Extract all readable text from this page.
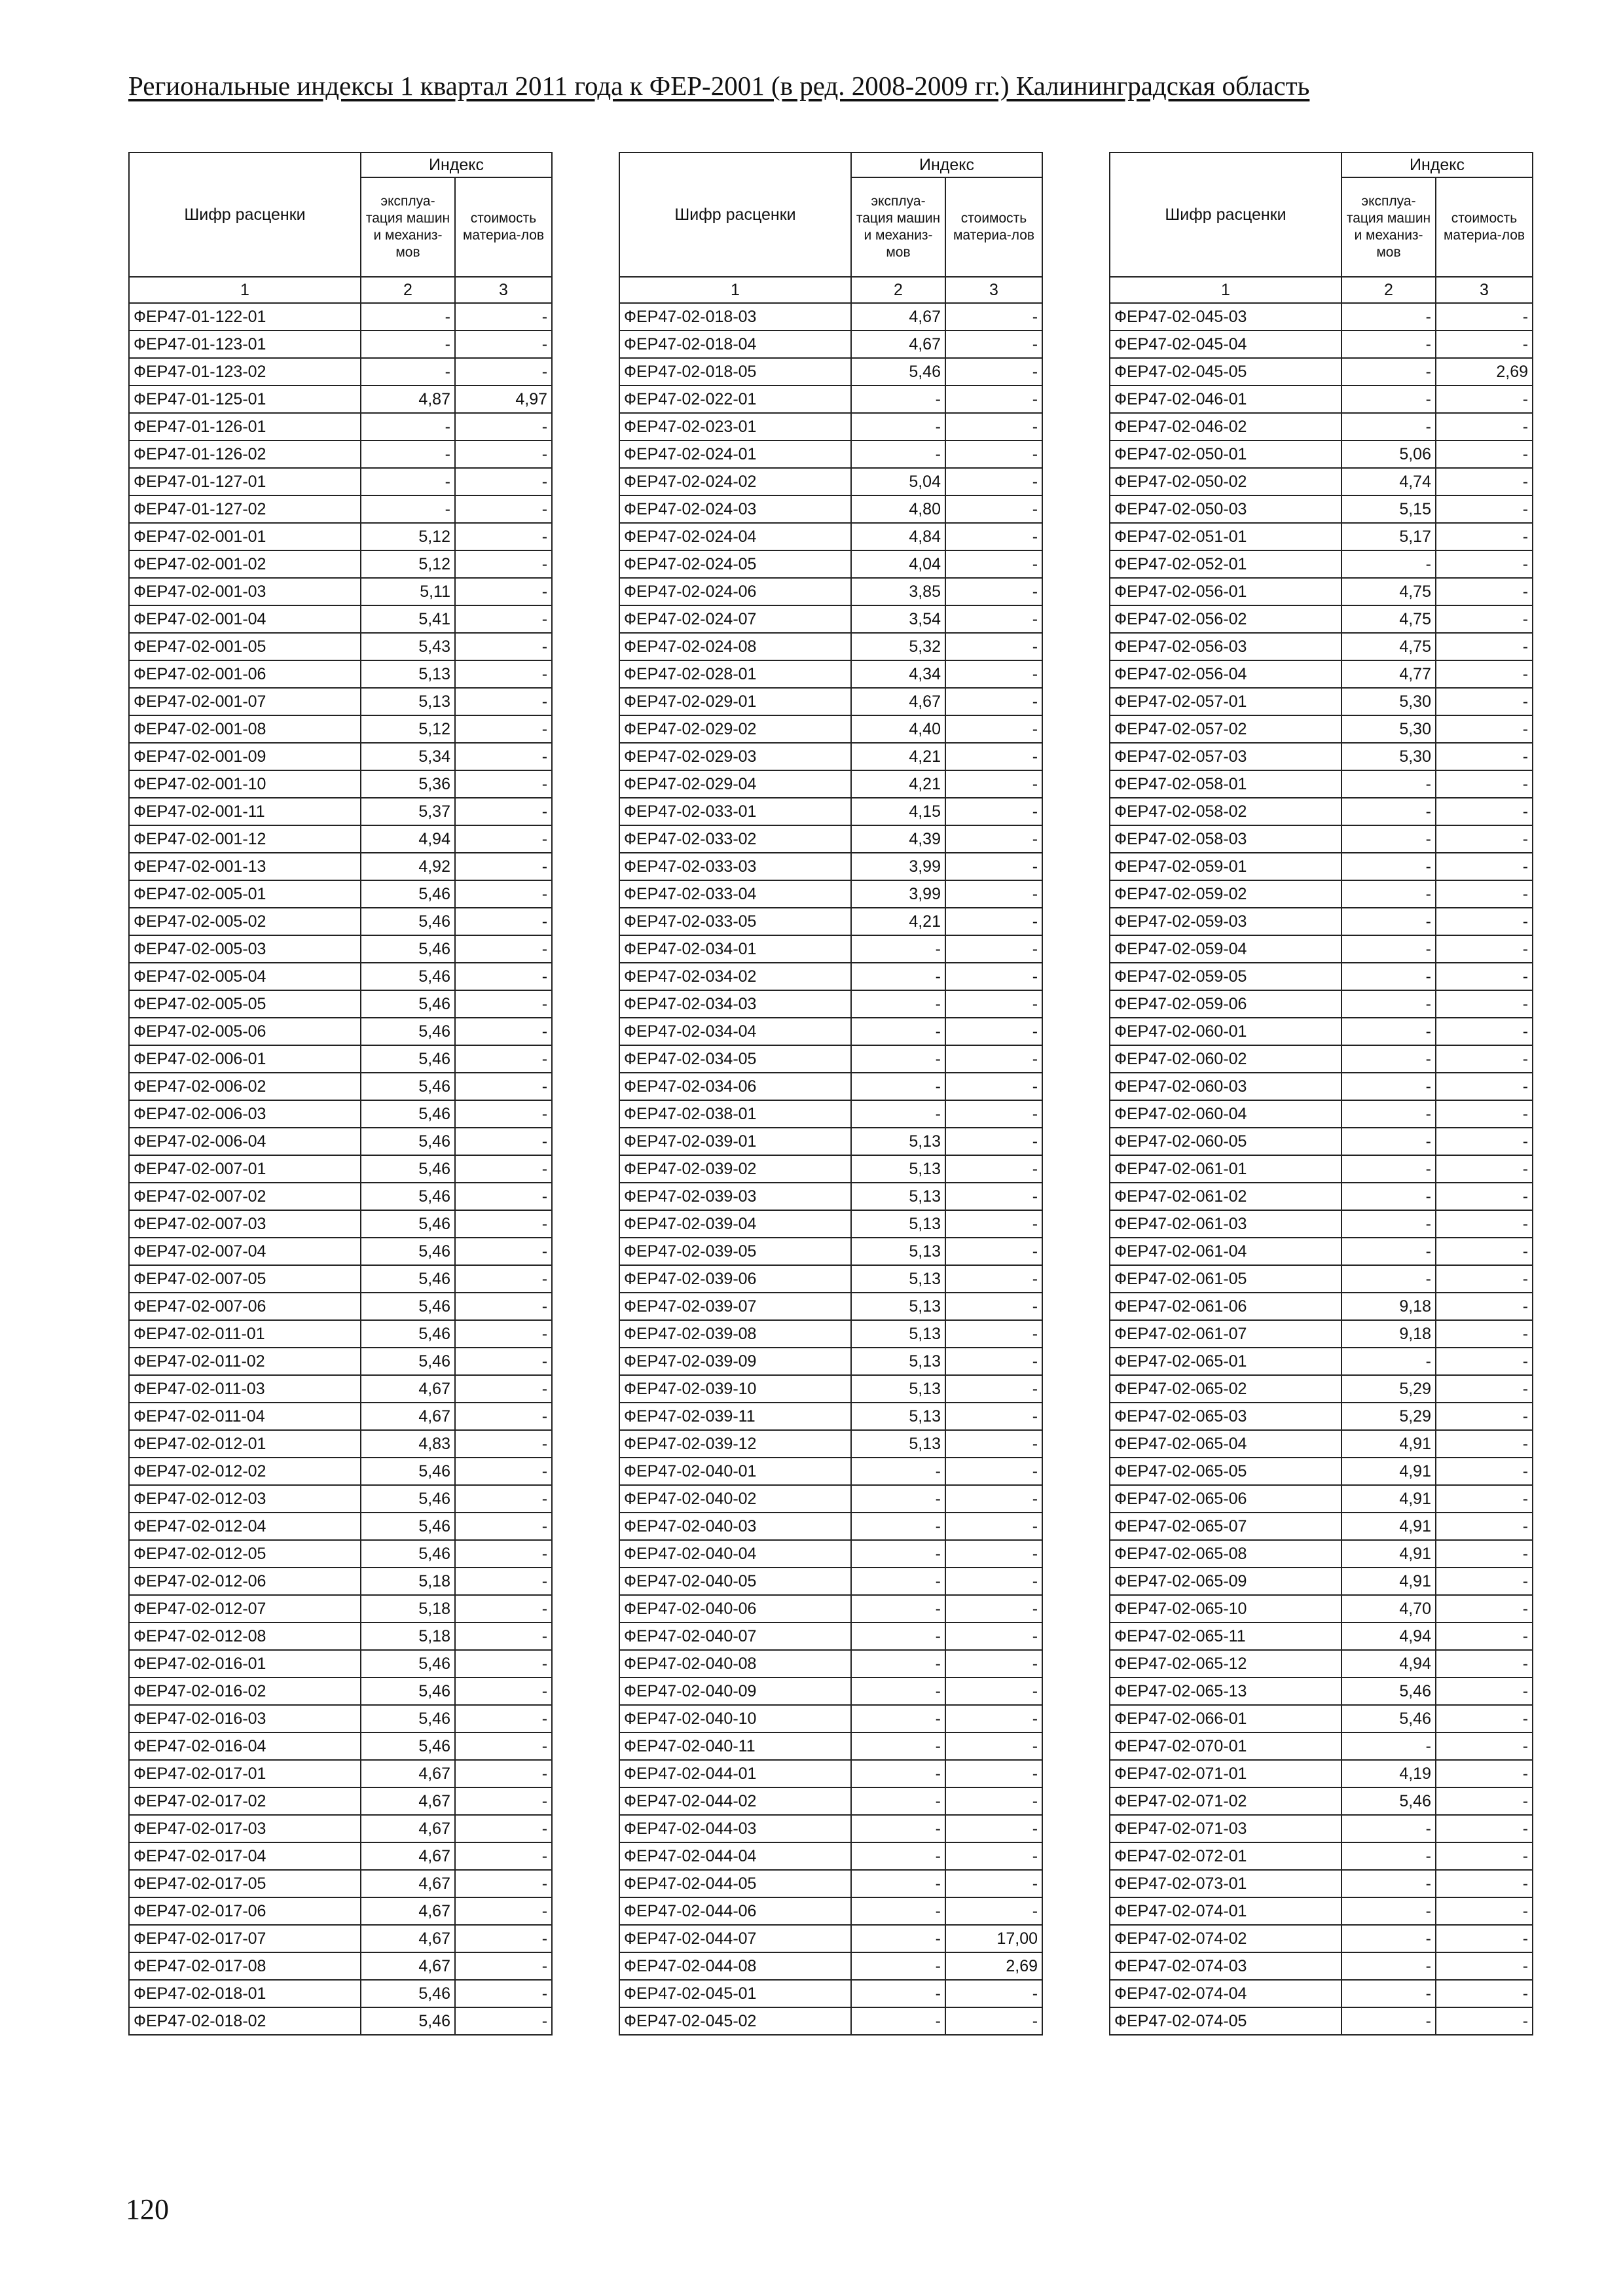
Региональные индексы 1 квартал 2011 года к ФЕР-2001 (в ред. 2008-2009 гг.) Калининградская область
Шифр расценки	Индекс	
	эксплуа-тация машин и механиз-мов	стоимость материа-лов
1	2	3
ФЕР47-01-122-01	-	-
ФЕР47-01-123-01	-	-
ФЕР47-01-123-02	-	-
ФЕР47-01-125-01	4,87	4,97
ФЕР47-01-126-01	-	-
ФЕР47-01-126-02	-	-
ФЕР47-01-127-01	-	-
ФЕР47-01-127-02	-	-
ФЕР47-02-001-01	5,12	-
ФЕР47-02-001-02	5,12	-
ФЕР47-02-001-03	5,11	-
ФЕР47-02-001-04	5,41	-
ФЕР47-02-001-05	5,43	-
ФЕР47-02-001-06	5,13	-
ФЕР47-02-001-07	5,13	-
ФЕР47-02-001-08	5,12	-
ФЕР47-02-001-09	5,34	-
ФЕР47-02-001-10	5,36	-
ФЕР47-02-001-11	5,37	-
ФЕР47-02-001-12	4,94	-
ФЕР47-02-001-13	4,92	-
ФЕР47-02-005-01	5,46	-
ФЕР47-02-005-02	5,46	-
ФЕР47-02-005-03	5,46	-
ФЕР47-02-005-04	5,46	-
ФЕР47-02-005-05	5,46	-
ФЕР47-02-005-06	5,46	-
ФЕР47-02-006-01	5,46	-
ФЕР47-02-006-02	5,46	-
ФЕР47-02-006-03	5,46	-
ФЕР47-02-006-04	5,46	-
ФЕР47-02-007-01	5,46	-
ФЕР47-02-007-02	5,46	-
ФЕР47-02-007-03	5,46	-
ФЕР47-02-007-04	5,46	-
ФЕР47-02-007-05	5,46	-
ФЕР47-02-007-06	5,46	-
ФЕР47-02-011-01	5,46	-
ФЕР47-02-011-02	5,46	-
ФЕР47-02-011-03	4,67	-
ФЕР47-02-011-04	4,67	-
ФЕР47-02-012-01	4,83	-
ФЕР47-02-012-02	5,46	-
ФЕР47-02-012-03	5,46	-
ФЕР47-02-012-04	5,46	-
ФЕР47-02-012-05	5,46	-
ФЕР47-02-012-06	5,18	-
ФЕР47-02-012-07	5,18	-
ФЕР47-02-012-08	5,18	-
ФЕР47-02-016-01	5,46	-
ФЕР47-02-016-02	5,46	-
ФЕР47-02-016-03	5,46	-
ФЕР47-02-016-04	5,46	-
ФЕР47-02-017-01	4,67	-
ФЕР47-02-017-02	4,67	-
ФЕР47-02-017-03	4,67	-
ФЕР47-02-017-04	4,67	-
ФЕР47-02-017-05	4,67	-
ФЕР47-02-017-06	4,67	-
ФЕР47-02-017-07	4,67	-
ФЕР47-02-017-08	4,67	-
ФЕР47-02-018-01	5,46	-
ФЕР47-02-018-02	5,46	-
Шифр расценки	Индекс	
	эксплуа-тация машин и механиз-мов	стоимость материа-лов
1	2	3
ФЕР47-02-018-03	4,67	-
ФЕР47-02-018-04	4,67	-
ФЕР47-02-018-05	5,46	-
ФЕР47-02-022-01	-	-
ФЕР47-02-023-01	-	-
ФЕР47-02-024-01	-	-
ФЕР47-02-024-02	5,04	-
ФЕР47-02-024-03	4,80	-
ФЕР47-02-024-04	4,84	-
ФЕР47-02-024-05	4,04	-
ФЕР47-02-024-06	3,85	-
ФЕР47-02-024-07	3,54	-
ФЕР47-02-024-08	5,32	-
ФЕР47-02-028-01	4,34	-
ФЕР47-02-029-01	4,67	-
ФЕР47-02-029-02	4,40	-
ФЕР47-02-029-03	4,21	-
ФЕР47-02-029-04	4,21	-
ФЕР47-02-033-01	4,15	-
ФЕР47-02-033-02	4,39	-
ФЕР47-02-033-03	3,99	-
ФЕР47-02-033-04	3,99	-
ФЕР47-02-033-05	4,21	-
ФЕР47-02-034-01	-	-
ФЕР47-02-034-02	-	-
ФЕР47-02-034-03	-	-
ФЕР47-02-034-04	-	-
ФЕР47-02-034-05	-	-
ФЕР47-02-034-06	-	-
ФЕР47-02-038-01	-	-
ФЕР47-02-039-01	5,13	-
ФЕР47-02-039-02	5,13	-
ФЕР47-02-039-03	5,13	-
ФЕР47-02-039-04	5,13	-
ФЕР47-02-039-05	5,13	-
ФЕР47-02-039-06	5,13	-
ФЕР47-02-039-07	5,13	-
ФЕР47-02-039-08	5,13	-
ФЕР47-02-039-09	5,13	-
ФЕР47-02-039-10	5,13	-
ФЕР47-02-039-11	5,13	-
ФЕР47-02-039-12	5,13	-
ФЕР47-02-040-01	-	-
ФЕР47-02-040-02	-	-
ФЕР47-02-040-03	-	-
ФЕР47-02-040-04	-	-
ФЕР47-02-040-05	-	-
ФЕР47-02-040-06	-	-
ФЕР47-02-040-07	-	-
ФЕР47-02-040-08	-	-
ФЕР47-02-040-09	-	-
ФЕР47-02-040-10	-	-
ФЕР47-02-040-11	-	-
ФЕР47-02-044-01	-	-
ФЕР47-02-044-02	-	-
ФЕР47-02-044-03	-	-
ФЕР47-02-044-04	-	-
ФЕР47-02-044-05	-	-
ФЕР47-02-044-06	-	-
ФЕР47-02-044-07	-	17,00
ФЕР47-02-044-08	-	2,69
ФЕР47-02-045-01	-	-
ФЕР47-02-045-02	-	-
Шифр расценки	Индекс	
	эксплуа-тация машин и механиз-мов	стоимость материа-лов
1	2	3
ФЕР47-02-045-03	-	-
ФЕР47-02-045-04	-	-
ФЕР47-02-045-05	-	2,69
ФЕР47-02-046-01	-	-
ФЕР47-02-046-02	-	-
ФЕР47-02-050-01	5,06	-
ФЕР47-02-050-02	4,74	-
ФЕР47-02-050-03	5,15	-
ФЕР47-02-051-01	5,17	-
ФЕР47-02-052-01	-	-
ФЕР47-02-056-01	4,75	-
ФЕР47-02-056-02	4,75	-
ФЕР47-02-056-03	4,75	-
ФЕР47-02-056-04	4,77	-
ФЕР47-02-057-01	5,30	-
ФЕР47-02-057-02	5,30	-
ФЕР47-02-057-03	5,30	-
ФЕР47-02-058-01	-	-
ФЕР47-02-058-02	-	-
ФЕР47-02-058-03	-	-
ФЕР47-02-059-01	-	-
ФЕР47-02-059-02	-	-
ФЕР47-02-059-03	-	-
ФЕР47-02-059-04	-	-
ФЕР47-02-059-05	-	-
ФЕР47-02-059-06	-	-
ФЕР47-02-060-01	-	-
ФЕР47-02-060-02	-	-
ФЕР47-02-060-03	-	-
ФЕР47-02-060-04	-	-
ФЕР47-02-060-05	-	-
ФЕР47-02-061-01	-	-
ФЕР47-02-061-02	-	-
ФЕР47-02-061-03	-	-
ФЕР47-02-061-04	-	-
ФЕР47-02-061-05	-	-
ФЕР47-02-061-06	9,18	-
ФЕР47-02-061-07	9,18	-
ФЕР47-02-065-01	-	-
ФЕР47-02-065-02	5,29	-
ФЕР47-02-065-03	5,29	-
ФЕР47-02-065-04	4,91	-
ФЕР47-02-065-05	4,91	-
ФЕР47-02-065-06	4,91	-
ФЕР47-02-065-07	4,91	-
ФЕР47-02-065-08	4,91	-
ФЕР47-02-065-09	4,91	-
ФЕР47-02-065-10	4,70	-
ФЕР47-02-065-11	4,94	-
ФЕР47-02-065-12	4,94	-
ФЕР47-02-065-13	5,46	-
ФЕР47-02-066-01	5,46	-
ФЕР47-02-070-01	-	-
ФЕР47-02-071-01	4,19	-
ФЕР47-02-071-02	5,46	-
ФЕР47-02-071-03	-	-
ФЕР47-02-072-01	-	-
ФЕР47-02-073-01	-	-
ФЕР47-02-074-01	-	-
ФЕР47-02-074-02	-	-
ФЕР47-02-074-03	-	-
ФЕР47-02-074-04	-	-
ФЕР47-02-074-05	-	-
120
